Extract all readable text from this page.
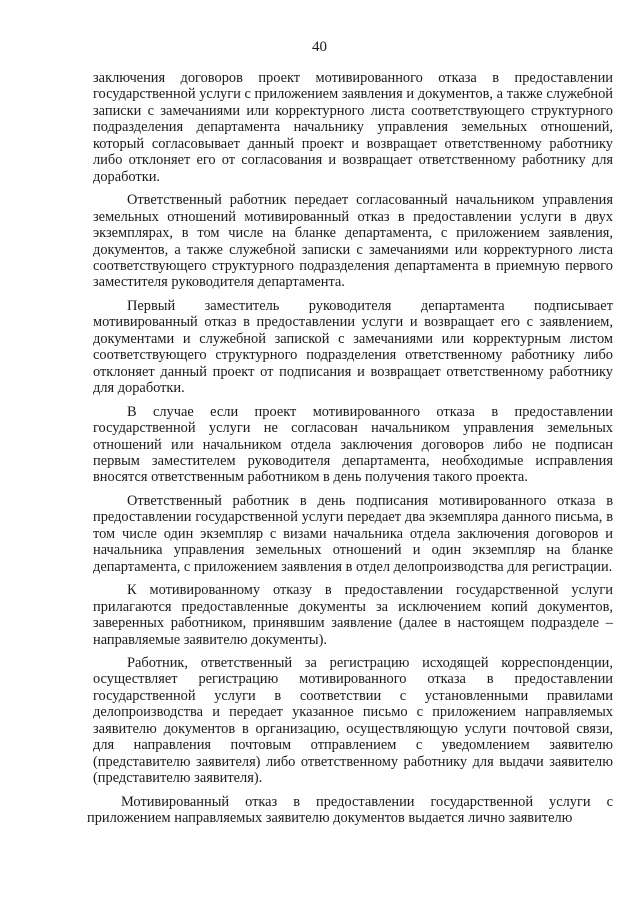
40

заключения договоров проект мотивированного отказа в предоставлении государственной услуги с приложением заявления и документов, а также служебной записки с замечаниями или корректурного листа соответствующего структурного подразделения департамента начальнику управления земельных отношений, который согласовывает данный проект и возвращает ответственному работнику либо отклоняет его от согласования и возвращает ответственному работнику для доработки.

Ответственный работник передает согласованный начальником управления земельных отношений мотивированный отказ в предоставлении услуги в двух экземплярах, в том числе на бланке департамента, с приложением заявления, документов, а также служебной записки с замечаниями или корректурного листа соответствующего структурного подразделения департамента в приемную первого заместителя руководителя департамента.

Первый заместитель руководителя департамента подписывает мотивированный отказ в предоставлении услуги и возвращает его с заявлением, документами и служебной запиской с замечаниями или корректурным листом соответствующего структурного подразделения ответственному работнику либо отклоняет данный проект от подписания и возвращает ответственному работнику для доработки.

В случае если проект мотивированного отказа в предоставлении государственной услуги не согласован начальником управления земельных отношений или начальником отдела заключения договоров либо не подписан первым заместителем руководителя департамента, необходимые исправления вносятся ответственным работником в день получения такого проекта.

Ответственный работник в день подписания мотивированного отказа в предоставлении государственной услуги передает два экземпляра данного письма, в том числе один экземпляр с визами начальника отдела заключения договоров и начальника управления земельных отношений и один экземпляр на бланке департамента, с приложением заявления в отдел делопроизводства для регистрации.

К мотивированному отказу в предоставлении государственной услуги прилагаются предоставленные документы за исключением копий документов, заверенных работником, принявшим заявление (далее в настоящем подразделе – направляемые заявителю документы).

Работник, ответственный за регистрацию исходящей корреспонденции, осуществляет регистрацию мотивированного отказа в предоставлении государственной услуги в соответствии с установленными правилами делопроизводства и передает указанное письмо с приложением направляемых заявителю документов в организацию, осуществляющую услуги почтовой связи, для направления почтовым отправлением с уведомлением заявителю (представителю заявителя) либо ответственному работнику для выдачи заявителю (представителю заявителя).

Мотивированный отказ в предоставлении государственной услуги с приложением направляемых заявителю документов выдается лично заявителю
